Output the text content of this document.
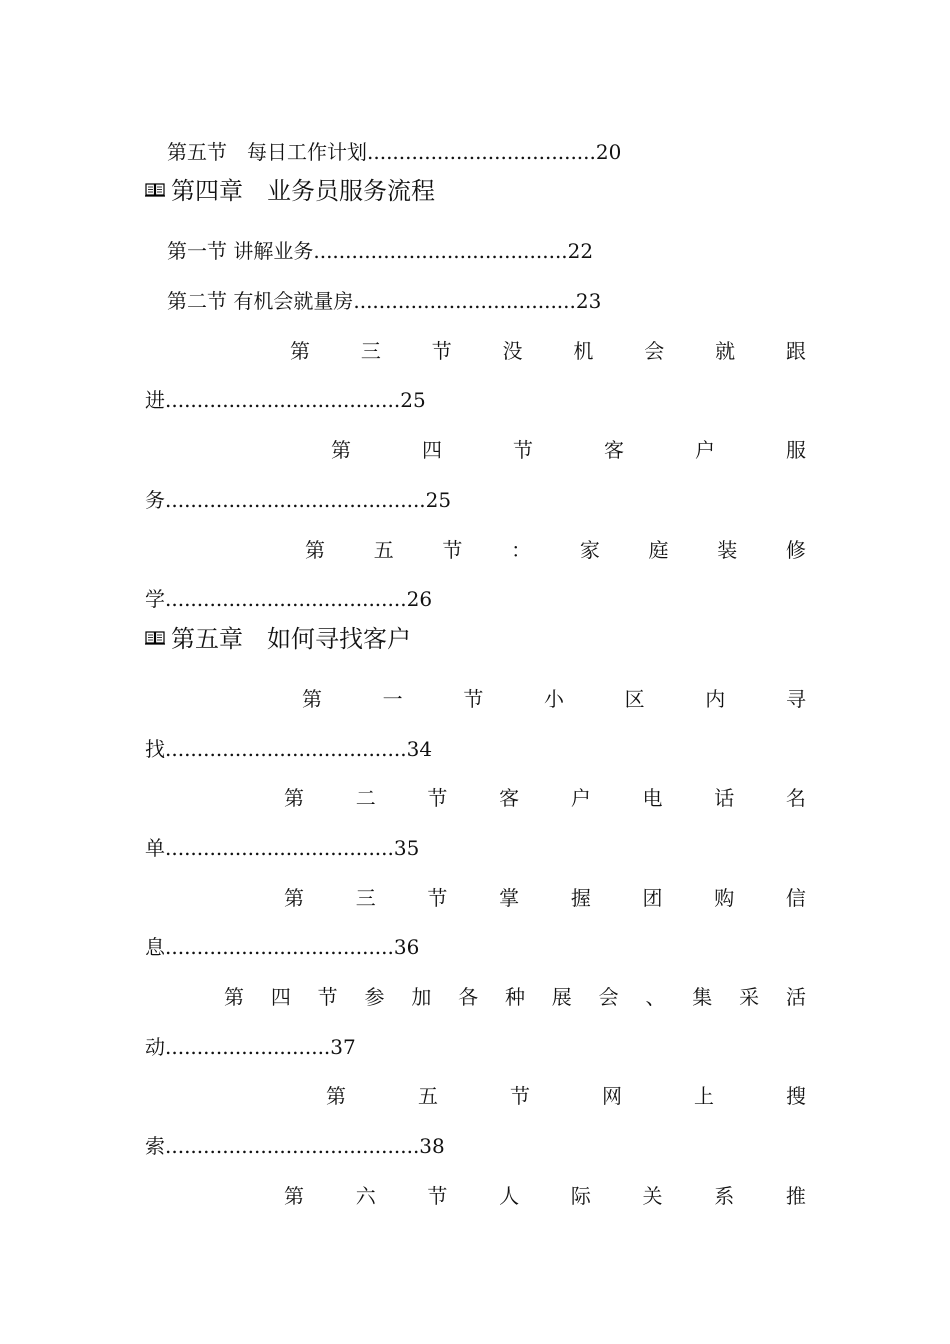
第五节　每日工作计划....................................20
第四章　业务员服务流程
第一节 讲解业务........................................22
第二节 有机会就量房...................................23
第	三	节	没	机	会	就	跟
进.....................................25
第	四	节	客	户	服
务.........................................25
第 五 节 ： 家 庭 装 修
学......................................26
第五章　如何寻找客户
第	一	节	小	区	内	寻
找......................................34
第	二	节	客	户	电	话	名
单....................................35
第	三	节	掌	握	团	购	信
息....................................36
第 四 节 参 加 各 种 展 会 、 集 采 活
动..........................37
第	五	节	网	上	搜
索........................................38
第	六	节	人	际	关	系	推
